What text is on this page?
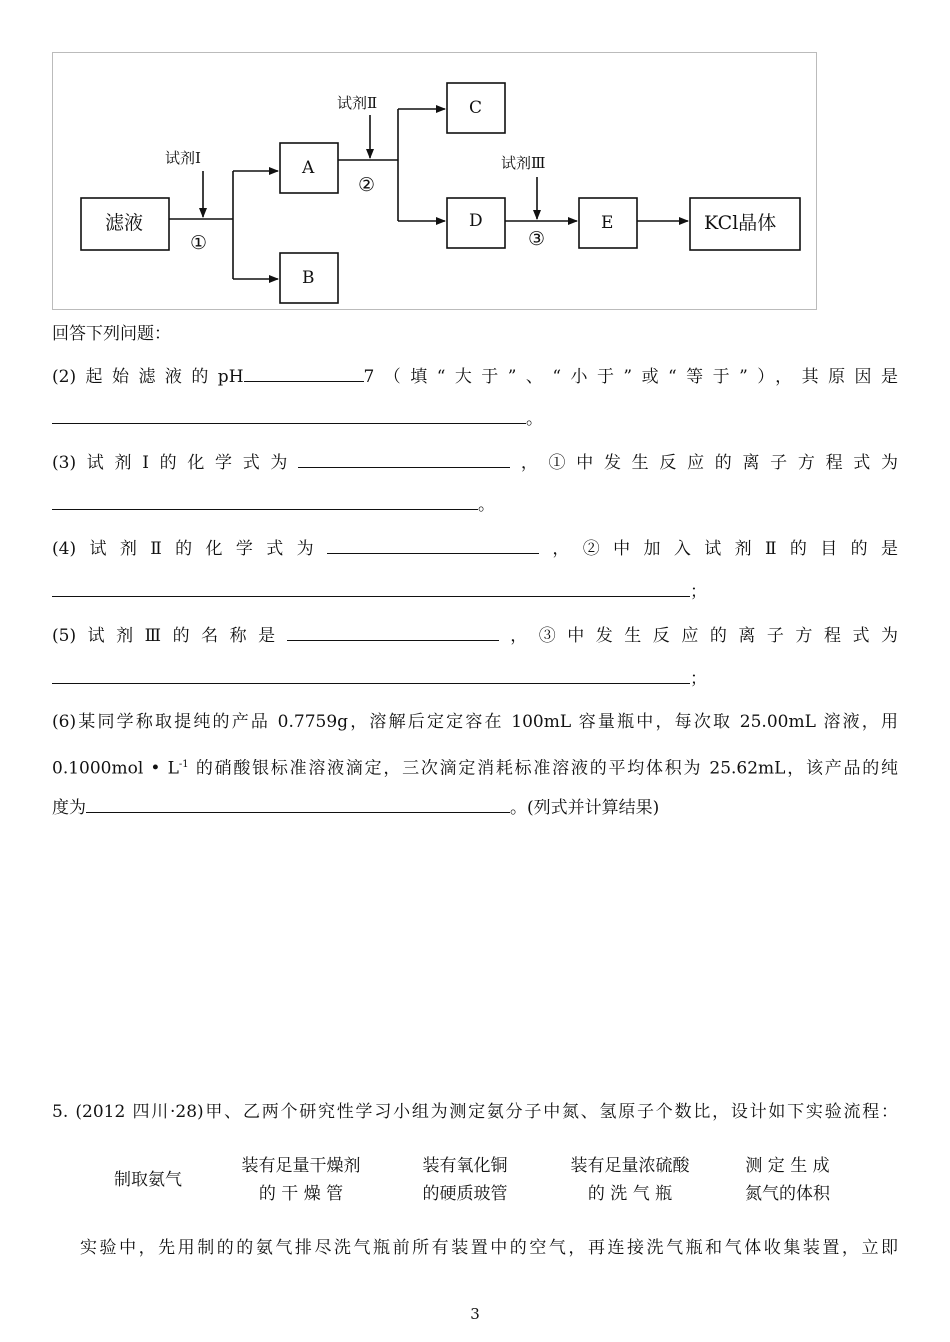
滤液
A
B
C
D	E	KCl晶体
试剂Ⅰ
试剂Ⅱ
试剂Ⅲ
①
②
③
回答下列问题：
(2)起始滤液的pH	7（填“大于”、“小于”或“等于”），其原因是
。
(3)试剂Ⅰ的化学式为	，①中发生反应的离子方程式为
。
(4)试剂Ⅱ的化学式为	，②中加入试剂Ⅱ的目的是
；
(5)试剂Ⅲ的名称是	，③中发生反应的离子方程式为
；
(6)某同学称取提纯的产品 0.7759g，溶解后定定容在 100mL 容量瓶中，每次取 25.00mL 溶液，用
0.1000mol • $L^{-1}$ 的硝酸银标准溶液滴定，三次滴定消耗标准溶液的平均体积为 25.62mL，该产品的纯
度为	。(列式并计算结果)
5. (2012 四川·28)甲、乙两个研究性学习小组为测定氨分子中氮、氢原子个数比，设计如下实验流程：
制取氨气
装有足量干燥剂
的 干 燥 管
装有氧化铜
的硬质玻管
装有足量浓硫酸
的 洗 气 瓶
测 定 生 成
氮气的体积
实验中，先用制的的氨气排尽洗气瓶前所有装置中的空气，再连接洗气瓶和气体收集装置，立即
3
